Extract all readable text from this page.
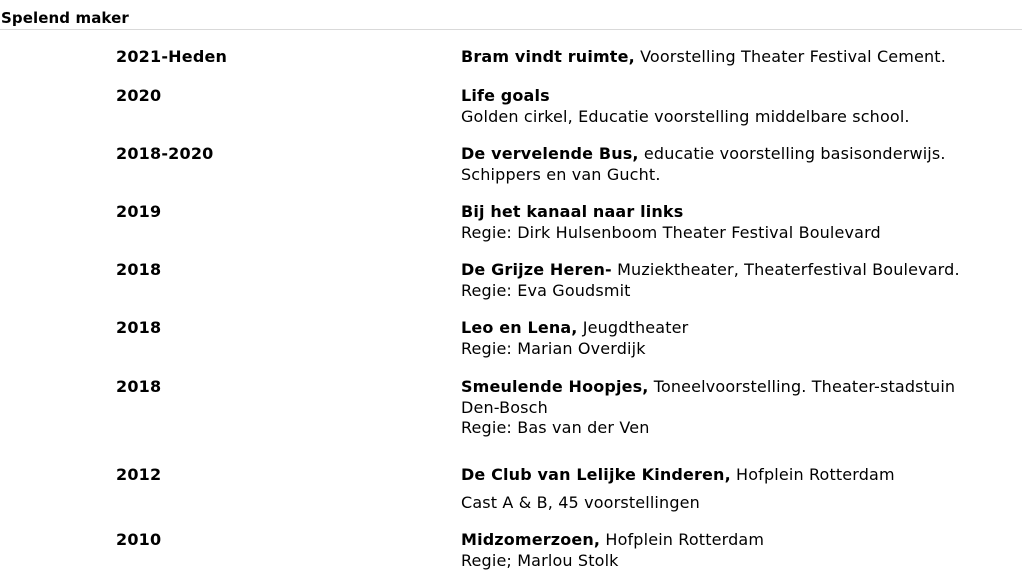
Spelend maker
2021-Heden	Bram vindt ruimte, Voorstelling Theater Festival Cement.
2020	Life goals
Golden cirkel, Educatie voorstelling middelbare school.
2018-2020	De vervelende Bus, educatie voorstelling basisonderwijs.
Schippers en van Gucht.
2019	Bij het kanaal naar links
Regie: Dirk Hulsenboom Theater Festival Boulevard
2018	De Grijze Heren- Muziektheater, Theaterfestival Boulevard.
Regie: Eva Goudsmit
2018	Leo en Lena, Jeugdtheater
Regie: Marian Overdijk
2018	Smeulende Hoopjes, Toneelvoorstelling. Theater-stadstuin
Den-Bosch
Regie: Bas van der Ven
2012	De Club van Lelijke Kinderen, Hofplein Rotterdam
Cast A & B, 45 voorstellingen
2010	Midzomerzoen, Hofplein Rotterdam
Regie; Marlou Stolk
